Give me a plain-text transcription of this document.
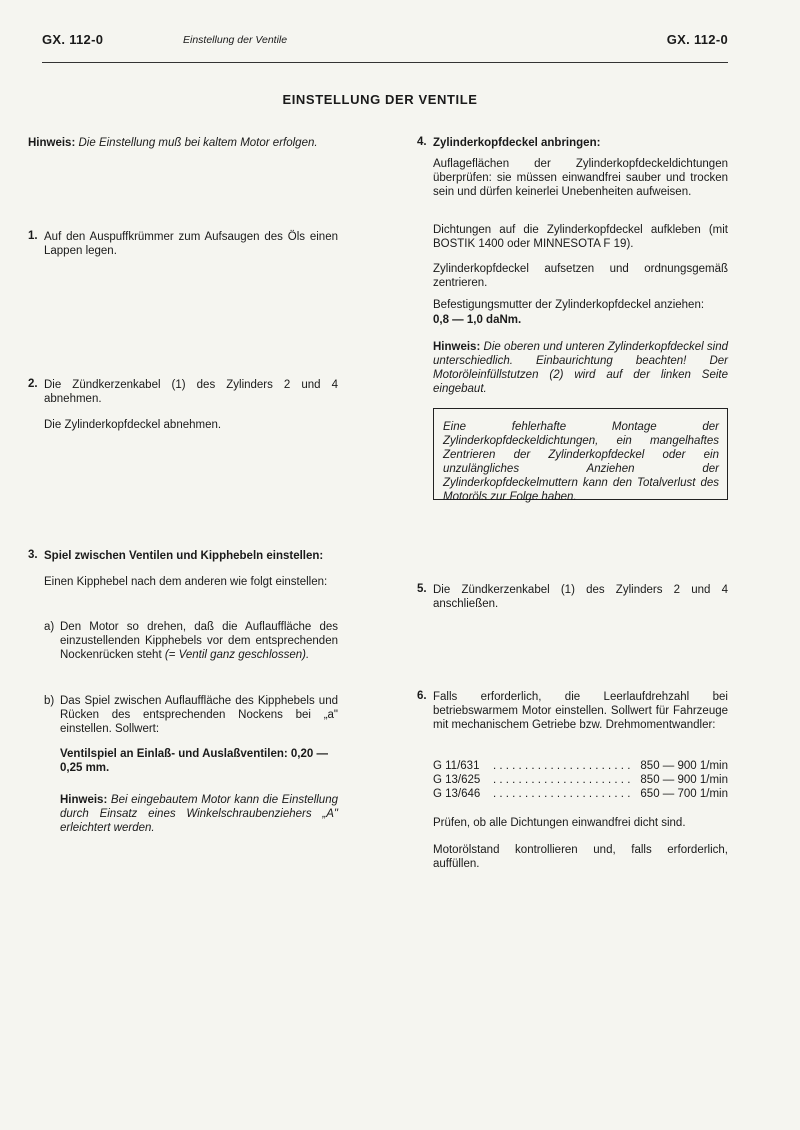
GX. 112-0	Einstellung der Ventile	GX. 112-0
EINSTELLUNG DER VENTILE
Hinweis: Die Einstellung muß bei kaltem Motor erfolgen.
1. Auf den Auspuffkrümmer zum Aufsaugen des Öls einen Lappen legen.
2. Die Zündkerzenkabel (1) des Zylinders 2 und 4 abnehmen.
Die Zylinderkopfdeckel abnehmen.
3. Spiel zwischen Ventilen und Kipphebeln einstellen:
Einen Kipphebel nach dem anderen wie folgt einstellen:
a) Den Motor so drehen, daß die Auflauffläche des einzustellenden Kipphebels vor dem entsprechenden Nockenrücken steht (= Ventil ganz geschlossen).
b) Das Spiel zwischen Auflauffläche des Kipphebels und Rücken des entsprechenden Nockens bei „a" einstellen. Sollwert:
Ventilspiel an Einlaß- und Auslaßventilen: 0,20 — 0,25 mm.
Hinweis: Bei eingebautem Motor kann die Einstellung durch Einsatz eines Winkelschraubenziehers „A" erleichtert werden.
4. Zylinderkopfdeckel anbringen:
Auflageflächen der Zylinderkopfdeckeldichtungen überprüfen: sie müssen einwandfrei sauber und trocken sein und dürfen keinerlei Unebenheiten aufweisen.
Dichtungen auf die Zylinderkopfdeckel aufkleben (mit BOSTIK 1400 oder MINNESOTA F 19).
Zylinderkopfdeckel aufsetzen und ordnungsgemäß zentrieren.
Befestigungsmutter der Zylinderkopfdeckel anziehen:
0,8 — 1,0 daNm.
Hinweis: Die oberen und unteren Zylinderkopfdeckel sind unterschiedlich. Einbaurichtung beachten! Der Motoröleinfüllstutzen (2) wird auf der linken Seite eingebaut.
Eine fehlerhafte Montage der Zylinderkopfdeckeldichtungen, ein mangelhaftes Zentrieren der Zylinderkopfdeckel oder ein unzulängliches Anziehen der Zylinderkopfdeckelmuttern kann den Totalverlust des Motoröls zur Folge haben.
5. Die Zündkerzenkabel (1) des Zylinders 2 und 4 anschließen.
6. Falls erforderlich, die Leerlaufdrehzahl bei betriebswarmem Motor einstellen. Sollwert für Fahrzeuge mit mechanischem Getriebe bzw. Drehmomentwandler:
G 11/631	. . . . . . . . . . . . . . . . . . . . . . 850 — 900 1/min
G 13/625	. . . . . . . . . . . . . . . . . . . . . . 850 — 900 1/min
G 13/646	. . . . . . . . . . . . . . . . . . . . . . 650 — 700 1/min
Prüfen, ob alle Dichtungen einwandfrei dicht sind.
Motorölstand kontrollieren und, falls erforderlich, auffüllen.
